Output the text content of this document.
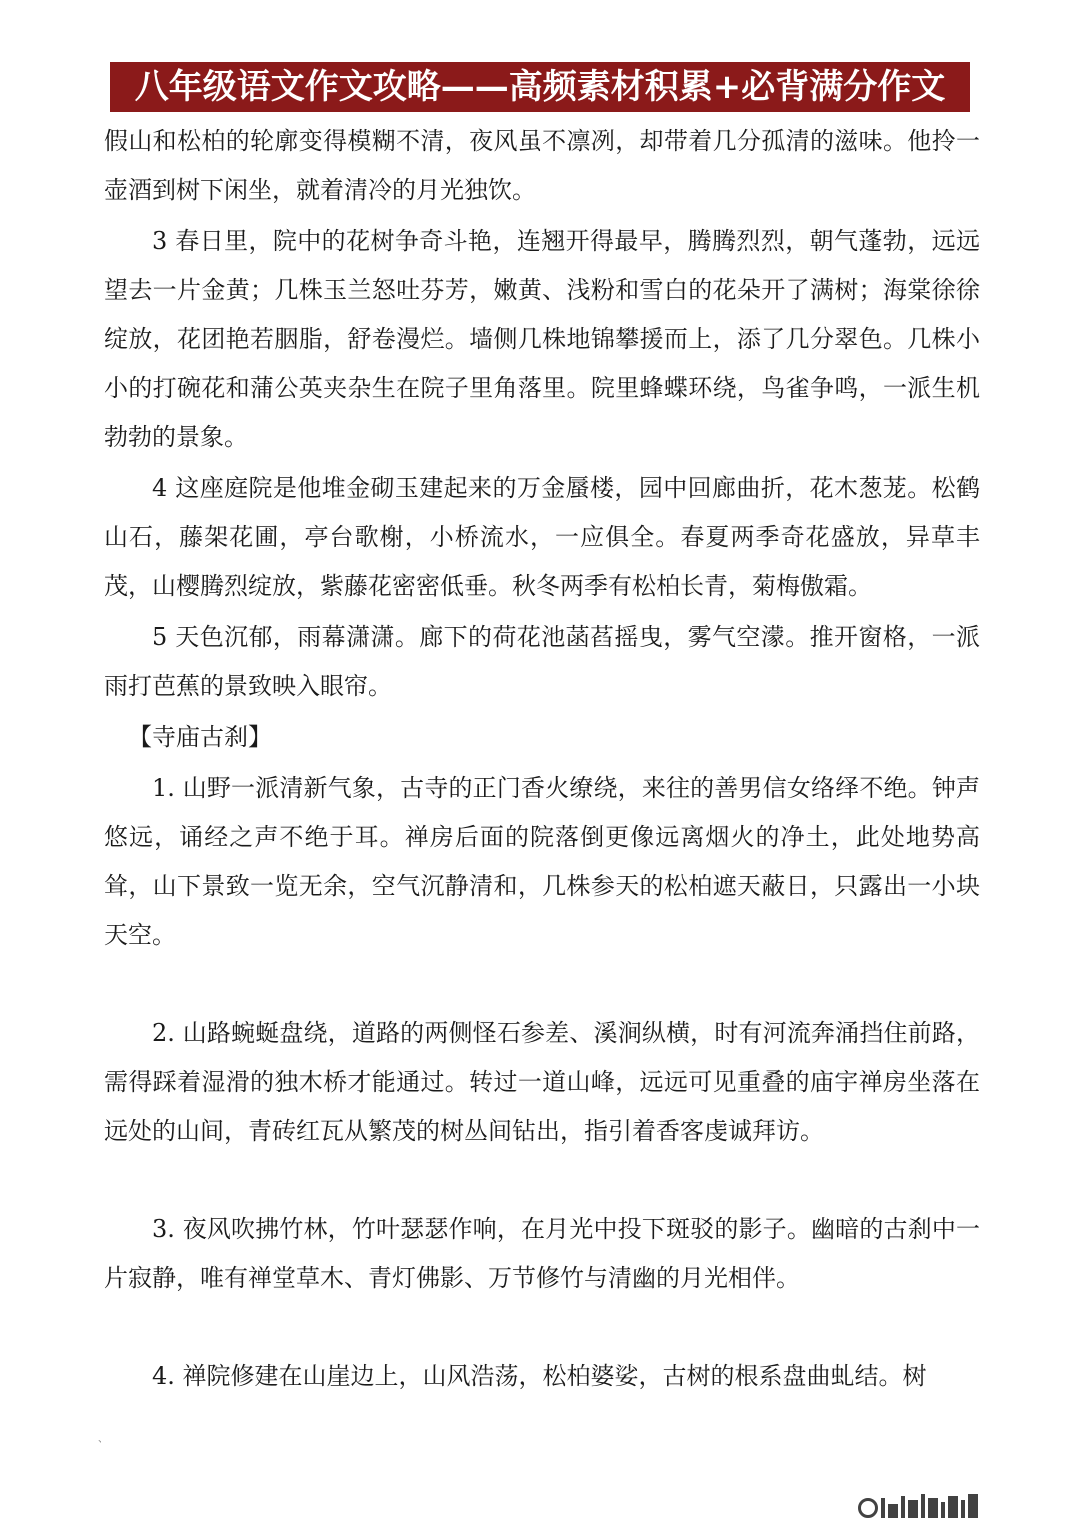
八年级语文作文攻略——高频素材积累+必背满分作文

假山和松柏的轮廓变得模糊不清，夜风虽不凛冽，却带着几分孤清的滋味。他拎一壶酒到树下闲坐，就着清冷的月光独饮。

3 春日里，院中的花树争奇斗艳，连翘开得最早，腾腾烈烈，朝气蓬勃，远远望去一片金黄；几株玉兰怒吐芬芳，嫩黄、浅粉和雪白的花朵开了满树；海棠徐徐绽放，花团艳若胭脂，舒卷漫烂。墙侧几株地锦攀援而上，添了几分翠色。几株小小的打碗花和蒲公英夹杂生在院子里角落里。院里蜂蝶环绕，鸟雀争鸣，一派生机勃勃的景象。

4 这座庭院是他堆金砌玉建起来的万金蜃楼，园中回廊曲折，花木葱茏。松鹤山石，藤架花圃，亭台歌榭，小桥流水，一应俱全。春夏两季奇花盛放，异草丰茂，山樱腾烈绽放，紫藤花密密低垂。秋冬两季有松柏长青，菊梅傲霜。

5 天色沉郁，雨幕潇潇。廊下的荷花池菡萏摇曳，雾气空濛。推开窗格，一派雨打芭蕉的景致映入眼帘。

【寺庙古刹】

1. 山野一派清新气象，古寺的正门香火缭绕，来往的善男信女络绎不绝。钟声悠远，诵经之声不绝于耳。禅房后面的院落倒更像远离烟火的净土，此处地势高耸，山下景致一览无余，空气沉静清和，几株参天的松柏遮天蔽日，只露出一小块天空。

2. 山路蜿蜒盘绕，道路的两侧怪石参差、溪涧纵横，时有河流奔涌挡住前路，需得踩着湿滑的独木桥才能通过。转过一道山峰，远远可见重叠的庙宇禅房坐落在远处的山间，青砖红瓦从繁茂的树丛间钻出，指引着香客虔诚拜访。

3. 夜风吹拂竹林，竹叶瑟瑟作响，在月光中投下斑驳的影子。幽暗的古刹中一片寂静，唯有禅堂草木、青灯佛影、万节修竹与清幽的月光相伴。

4. 禅院修建在山崖边上，山风浩荡，松柏婆娑，古树的根系盘曲虬结。树

、
